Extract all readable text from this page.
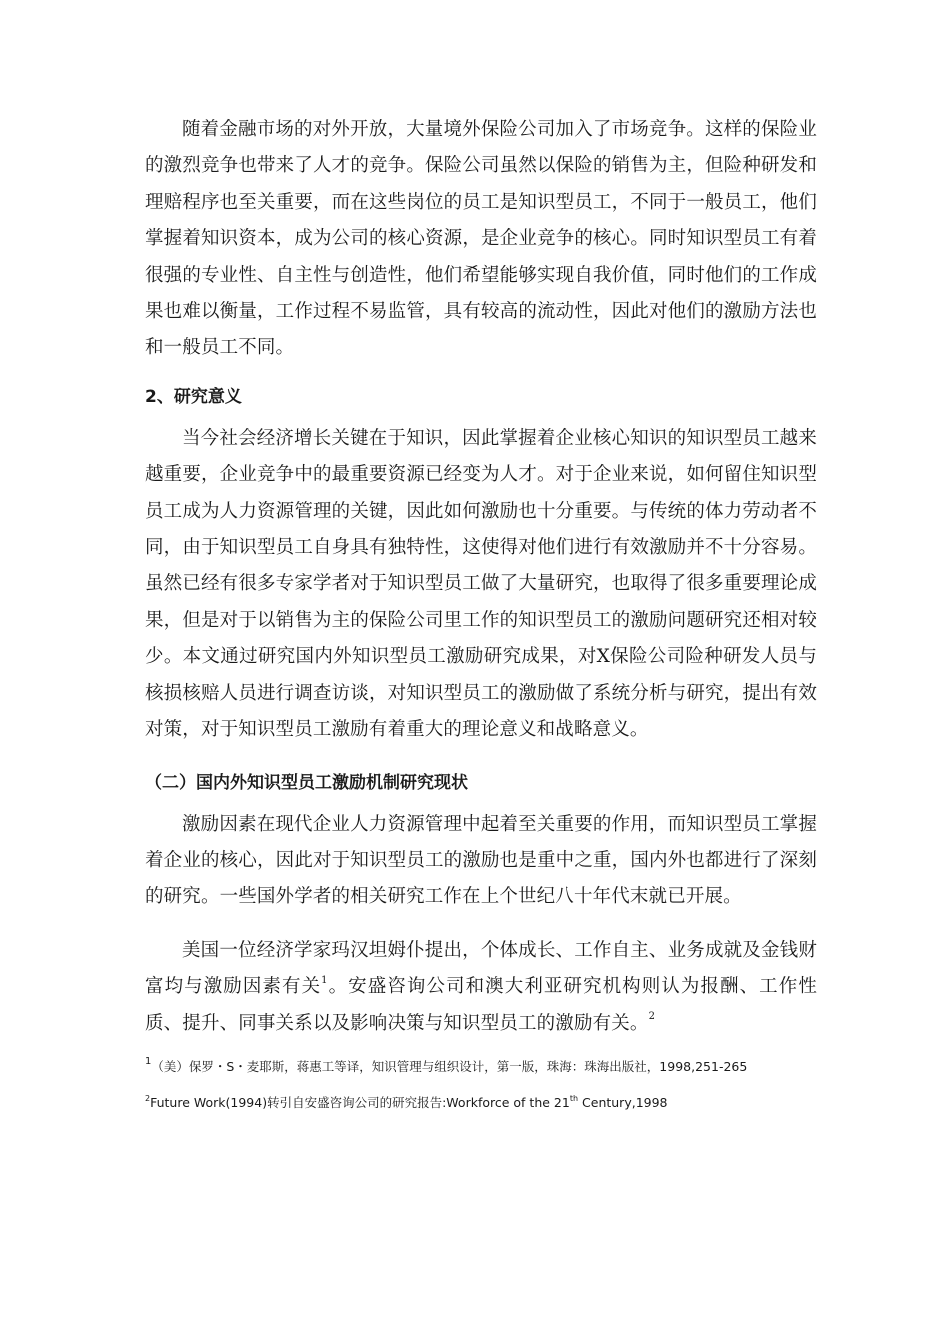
随着金融市场的对外开放，大量境外保险公司加入了市场竞争。这样的保险业的激烈竞争也带来了人才的竞争。保险公司虽然以保险的销售为主，但险种研发和理赔程序也至关重要，而在这些岗位的员工是知识型员工，不同于一般员工，他们掌握着知识资本，成为公司的核心资源，是企业竞争的核心。同时知识型员工有着很强的专业性、自主性与创造性，他们希望能够实现自我价值，同时他们的工作成果也难以衡量，工作过程不易监管，具有较高的流动性，因此对他们的激励方法也和一般员工不同。

2、研究意义

当今社会经济增长关键在于知识，因此掌握着企业核心知识的知识型员工越来越重要，企业竞争中的最重要资源已经变为人才。对于企业来说，如何留住知识型员工成为人力资源管理的关键，因此如何激励也十分重要。与传统的体力劳动者不同，由于知识型员工自身具有独特性，这使得对他们进行有效激励并不十分容易。虽然已经有很多专家学者对于知识型员工做了大量研究，也取得了很多重要理论成果，但是对于以销售为主的保险公司里工作的知识型员工的激励问题研究还相对较少。本文通过研究国内外知识型员工激励研究成果，对X保险公司险种研发人员与核损核赔人员进行调查访谈，对知识型员工的激励做了系统分析与研究，提出有效对策，对于知识型员工激励有着重大的理论意义和战略意义。

（二）国内外知识型员工激励机制研究现状

激励因素在现代企业人力资源管理中起着至关重要的作用，而知识型员工掌握着企业的核心，因此对于知识型员工的激励也是重中之重，国内外也都进行了深刻的研究。一些国外学者的相关研究工作在上个世纪八十年代末就已开展。

美国一位经济学家玛汉坦姆仆提出，个体成长、工作自主、业务成就及金钱财富均与激励因素有关$^1$。安盛咨询公司和澳大利亚研究机构则认为报酬、工作性质、提升、同事关系以及影响决策与知识型员工的激励有关。$^2$

$^1$（美）保罗・S・麦耶斯，蒋惠工等译，知识管理与组织设计，第一版，珠海：珠海出版社，1998,251-265

$^2$Future Work(1994)转引自安盛咨询公司的研究报告:Workforce of the 21th Century,1998
